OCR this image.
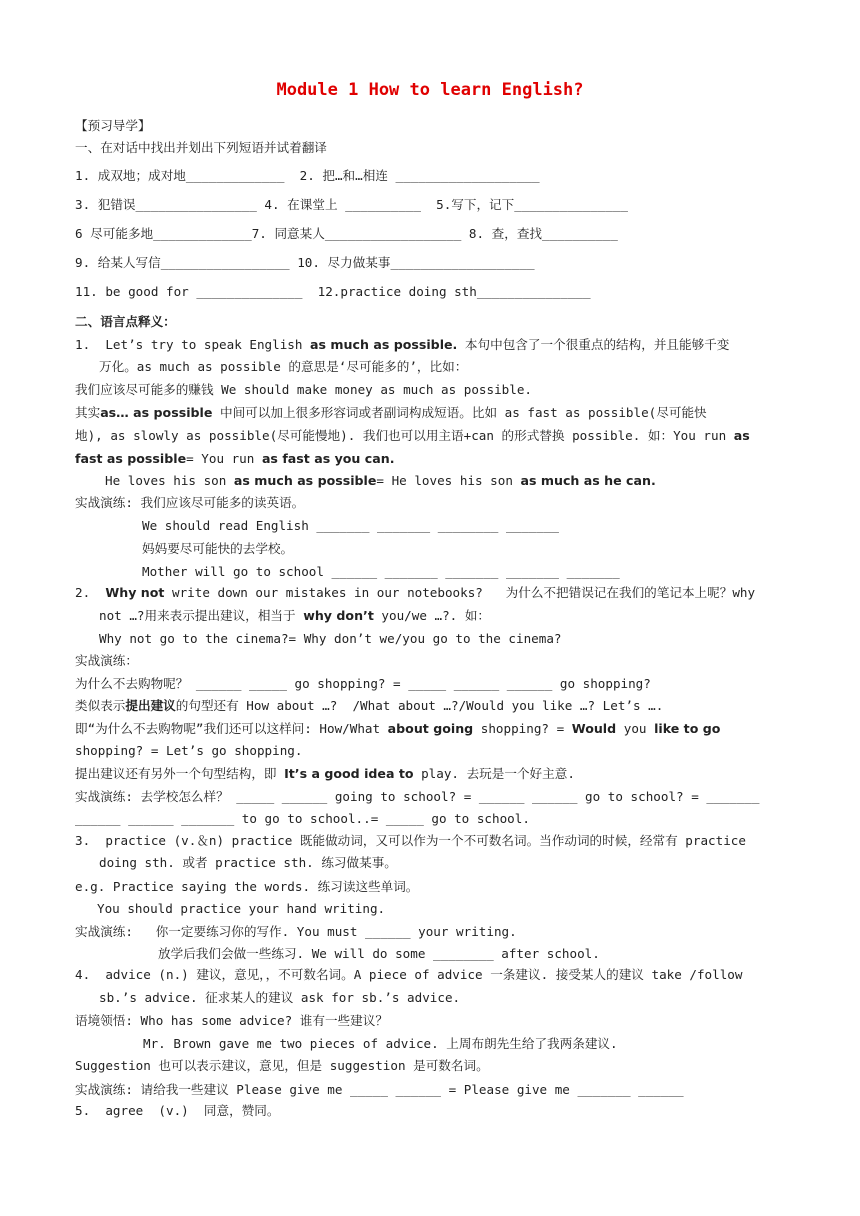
Module 1 How to learn English?
【预习导学】
一、在对话中找出并划出下列短语并试着翻译
1. 成双地；成对地_____________  2. 把…和…相连 ___________________
3. 犯错误________________ 4. 在课堂上 __________  5.写下，记下_______________
6 尽可能多地_____________7. 同意某人__________________ 8. 查，查找__________
9. 给某人写信_________________ 10. 尽力做某事___________________
11. be good for ______________  12.practice doing sth_______________
二、语言点释义：
1.  Let’s try to speak English as much as possible. 本句中包含了一个很重点的结构，并且能够千变
万化。as much as possible 的意思是‘尽可能多的’，比如：
我们应该尽可能多的赚钱 We should make money as much as possible.
其实as… as possible 中间可以加上很多形容词或者副词构成短语。比如 as fast as possible(尽可能快
地), as slowly as possible(尽可能慢地). 我们也可以用主语+can 的形式替换 possible. 如：You run as
fast as possible= You run as fast as you can.
He loves his son as much as possible= He loves his son as much as he can.
实战演练: 我们应该尽可能多的读英语。
We should read English _______ _______ ________ _______
妈妈要尽可能快的去学校。
Mother will go to school ______ _______ _______ _______ _______
2.  Why not write down our mistakes in our notebooks?   为什么不把错误记在我们的笔记本上呢？why
not …?用来表示提出建议，相当于 why don’t you/we …?. 如：
Why not go to the cinema?= Why don’t we/you go to the cinema?
实战演练：
为什么不去购物呢？ ______ _____ go shopping? = _____ ______ ______ go shopping?
类似表示提出建议的句型还有 How about …?  /What about …?/Would you like …? Let’s ….
即“为什么不去购物呢”我们还可以这样问: How/What about going shopping? = Would you like to go
shopping? = Let’s go shopping.
提出建议还有另外一个句型结构，即 It’s a good idea to play. 去玩是一个好主意.
实战演练: 去学校怎么样？ _____ ______ going to school? = ______ ______ go to school? = _______
______ ______ _______ to go to school..= _____ go to school.
3.  practice (v.＆n) practice 既能做动词，又可以作为一个不可数名词。当作动词的时候，经常有 practice
doing sth. 或者 practice sth. 练习做某事。
e.g. Practice saying the words. 练习读这些单词。
You should practice your hand writing.
实战演练:   你一定要练习你的写作. You must ______ your writing.
放学后我们会做一些练习. We will do some ________ after school.
4.  advice (n.) 建议，意见，，不可数名词。A piece of advice 一条建议. 接受某人的建议 take /follow
sb.’s advice. 征求某人的建议 ask for sb.’s advice.
语境领悟: Who has some advice? 谁有一些建议？
Mr. Brown gave me two pieces of advice. 上周布朗先生给了我两条建议.
Suggestion 也可以表示建议，意见，但是 suggestion 是可数名词。
实战演练: 请给我一些建议 Please give me _____ ______ = Please give me _______ ______
5.  agree  (v.)  同意，赞同。
